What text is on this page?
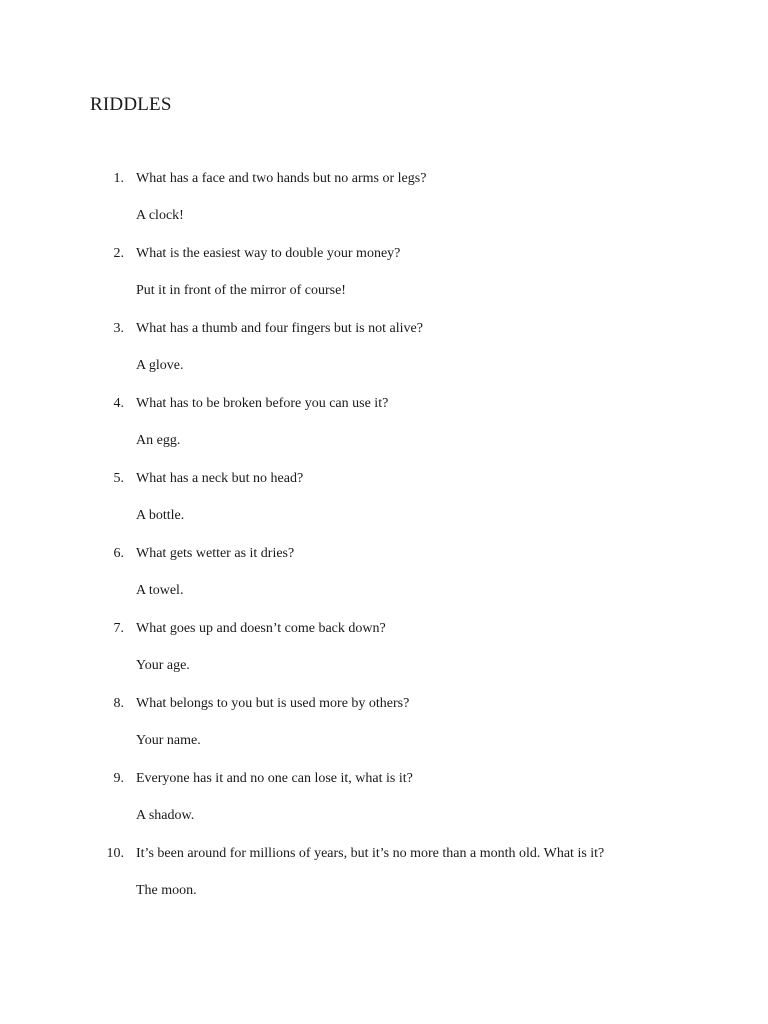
RIDDLES
1. What has a face and two hands but no arms or legs?
A clock!
2. What is the easiest way to double your money?
Put it in front of the mirror of course!
3. What has a thumb and four fingers but is not alive?
A glove.
4. What has to be broken before you can use it?
An egg.
5. What has a neck but no head?
A bottle.
6. What gets wetter as it dries?
A towel.
7. What goes up and doesn’t come back down?
Your age.
8. What belongs to you but is used more by others?
Your name.
9. Everyone has it and no one can lose it, what is it?
A shadow.
10. It’s been around for millions of years, but it’s no more than a month old. What is it?
The moon.
